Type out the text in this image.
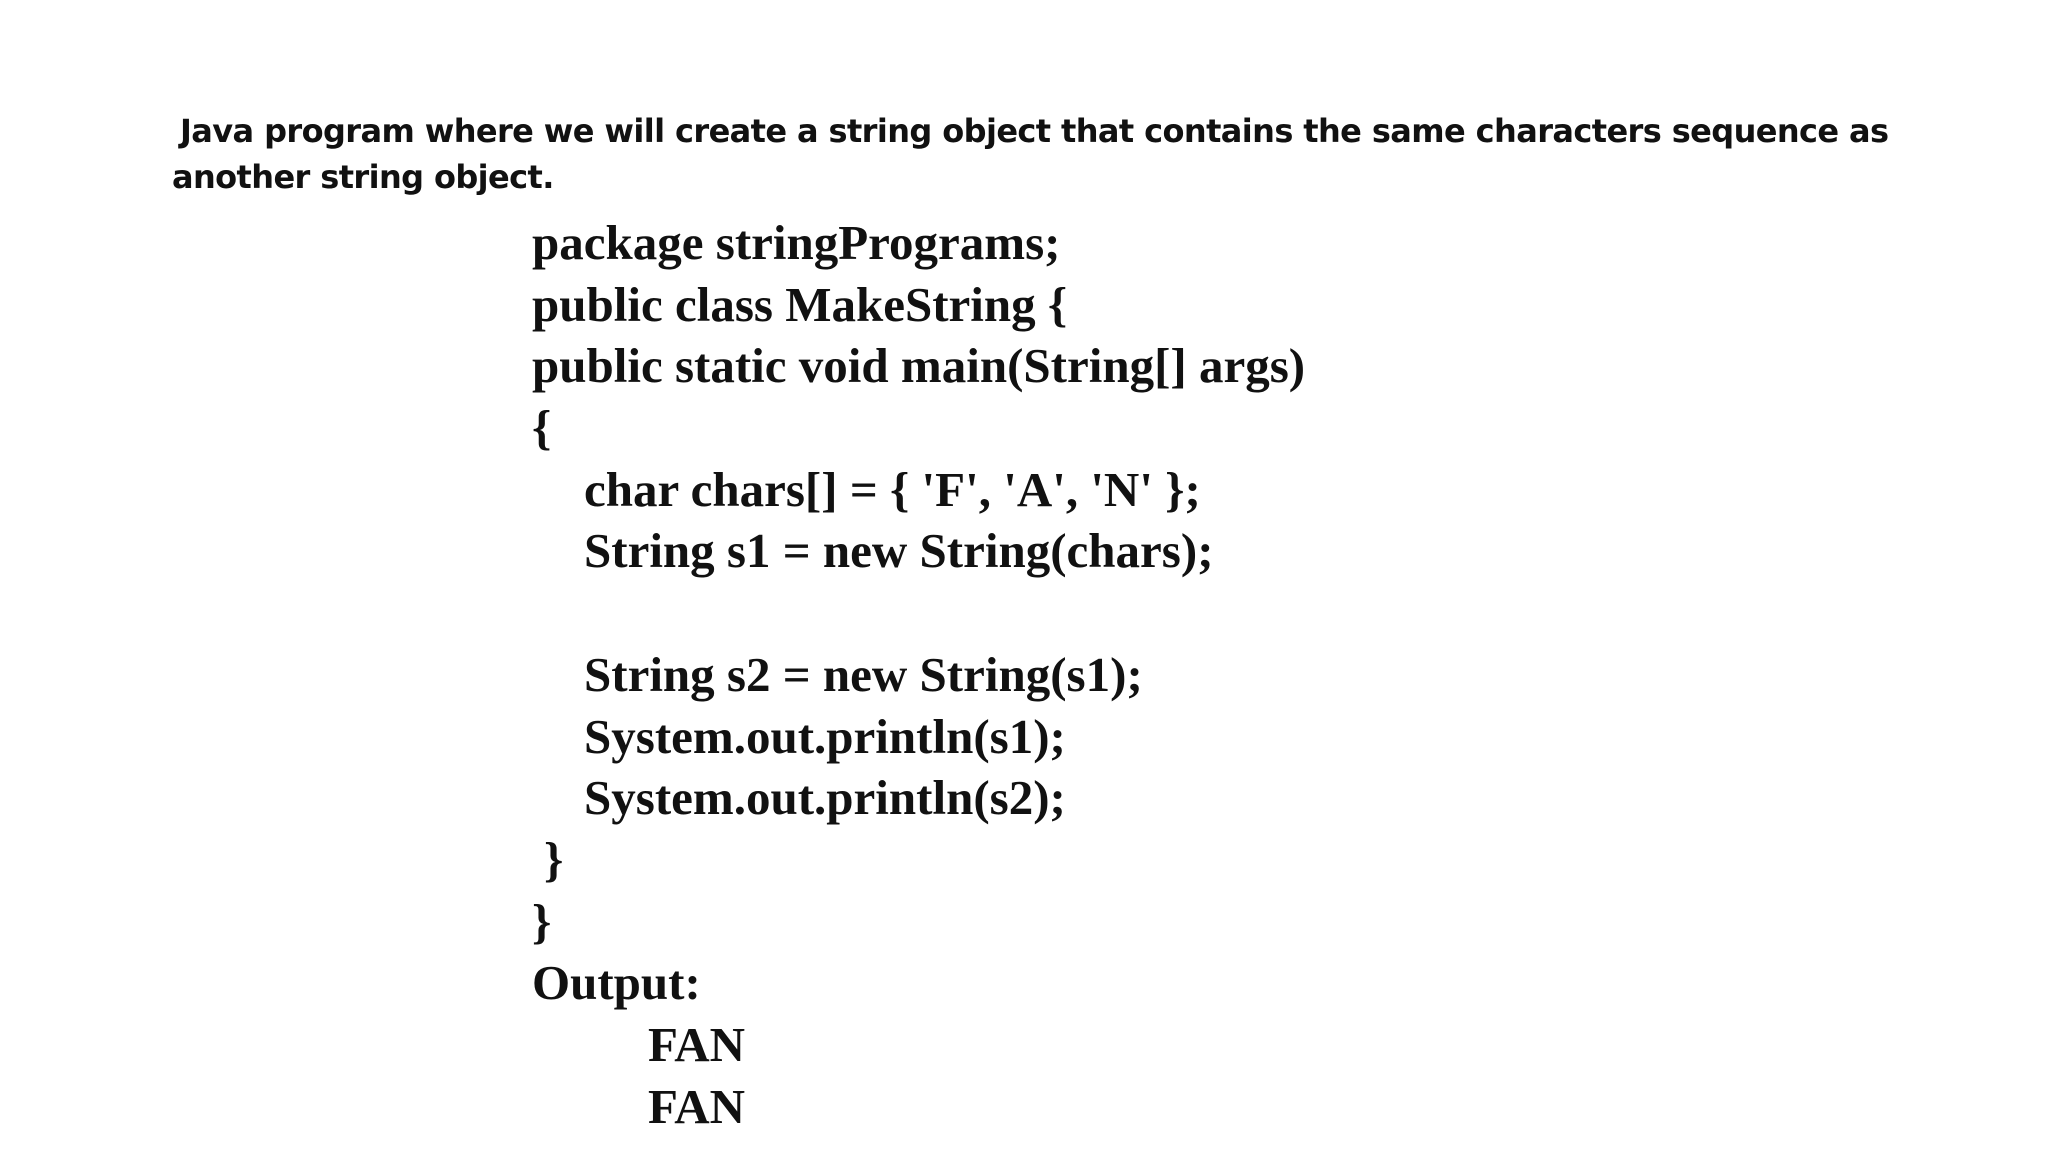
Java program where we will create a string object that contains the same characters sequence as
another string object.

package stringPrograms;
public class MakeString {
public static void main(String[] args)
{
char chars[] = { 'F', 'A', 'N' };
String s1 = new String(chars);
String s2 = new String(s1);
System.out.println(s1);
System.out.println(s2);
}
}
Output:
FAN
FAN
